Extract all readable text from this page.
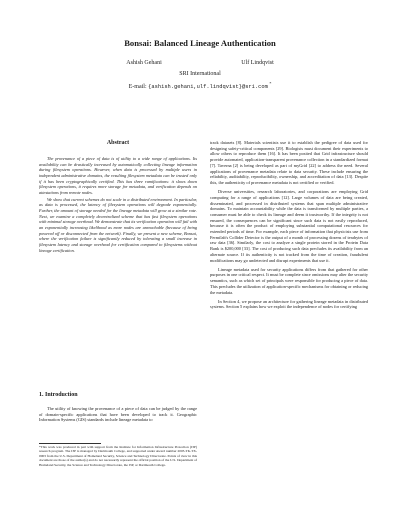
Bonsai: Balanced Lineage Authentication
Ashish Gehani	Ulf Lindqvist
SRI International
E-mail: {ashish.gehani,ulf.lindqvist}@sri.com *
Abstract

The provenance of a piece of data is of utility to a wide range of applications. Its availability can be drastically increased by automatically collecting lineage information during filesystem operations. However, when data is processed by multiple users in independent administrative domains, the resulting filesystem metadata can be trusted only if it has been cryptographically certified. This has three ramifications: it slows down filesystem operations, it requires more storage for metadata, and verification depends on attestations from remote nodes.

We show that current schemes do not scale in a distributed environment. In particular, as data is processed, the latency of filesystem operations will degrade exponentially. Further, the amount of storage needed for the lineage metadata will grow at a similar rate. Next, we examine a completely decentralized scheme that has fast filesystem operations with minimal storage overhead. We demonstrate that its verification operation will fail with an exponentially increasing likelihood as more nodes are unreachable (because of being powered off or disconnected from the network). Finally, we present a new scheme, Bonsai, where the verification failure is significantly reduced by tolerating a small increase in filesystem latency and storage overhead for certification compared to filesystems without lineage certification.

1. Introduction

The utility of knowing the provenance of a piece of data can be judged by the range of domain-specific applications that have been developed to track it. Geographic Information Systems (GIS) standards include lineage metadata to

*This work was produced in part with support from the Institute for Information Infrastructure Protection (I3P) research program. The I3P is managed by Dartmouth College, and supported under Award number 2003-TK-TX-0003 from the U.S. Department of Homeland Security, Science and Technology Directorate. Points of view in this document are those of the author(s) and do not necessarily represent the official position of the U.S. Department of Homeland Security, the Science and Technology Directorate, the I3P, or Dartmouth College.

track datasets [8]. Materials scientists use it to establish the pedigree of data used for designing safety-critical components [29]. Biologists must document their experiments to allow others to reproduce them [16]. It has been posited that Grid infrastructure should provide automated, application-transparent provenance collection in a standardized format [7]. Taverna [2] is being developed as part of myGrid [22] to address the need. Several applications of provenance metadata relate to data security. These include ensuring the reliability, auditability, reproducibility, ownership, and accreditation of data [13]. Despite this, the authenticity of provenance metadata is not certified or verified.

Diverse universities, research laboratories, and corporations are employing Grid computing for a range of applications [12]. Large volumes of data are being created, disseminated, and processed in distributed systems that span multiple administrative domains. To maintain accountability while the data is transformed by multiple parties, a consumer must be able to check its lineage and deem it trustworthy. If the integrity is not ensured, the consequences can be significant since such data is not easily reproduced, because it is often the product of employing substantial computational resources for extended periods of time. For example, each piece of information that physicists use from Fermilab's Collider Detector is the output of a month of processing dozens of terabytes of raw data [36]. Similarly, the cost to analyze a single protein stored in the Protein Data Bank is $200,000 [33]. The cost of producing such data precludes its availability from an alternate source. If its authenticity is not tracked from the time of creation, fraudulent modifications may go undetected and disrupt experiments that use it.

Lineage metadata used for security applications differs from that gathered for other purposes in one critical respect. It must be complete since omissions may alter the security semantics, such as which set of principals were responsible for producing a piece of data. This precludes the utilization of application-specific mechanisms for obtaining or reducing the metadata.

In Section 4, we propose an architecture for gathering lineage metadata in distributed systems. Section 5 explains how we exploit the independence of nodes for certifying
